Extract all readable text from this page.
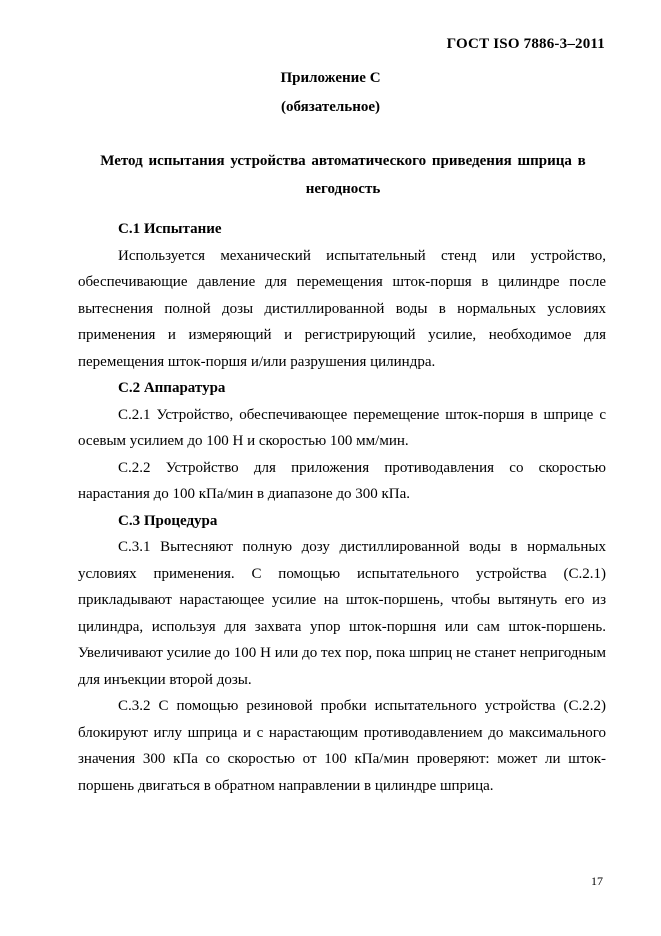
ГОСТ ISO 7886-3–2011
Приложение С
(обязательное)
Метод испытания устройства автоматического приведения шприца в негодность

С.1 Испытание

Используется механический испытательный стенд или устройство, обеспечивающие давление для перемещения шток-поршя в цилиндре после вытеснения полной дозы дистиллированной воды в нормальных условиях применения и измеряющий и регистрирующий усилие, необходимое для перемещения шток-поршя и/или разрушения цилиндра.

С.2 Аппаратура

С.2.1 Устройство, обеспечивающее перемещение шток-поршя в шприце с осевым усилием до 100 Н и скоростью 100 мм/мин.

С.2.2 Устройство для приложения противодавления со скоростью нарастания до 100 кПа/мин в диапазоне до 300 кПа.

С.3 Процедура

С.3.1 Вытесняют полную дозу дистиллированной воды в нормальных условиях применения. С помощью испытательного устройства (С.2.1) прикладывают нарастающее усилие на шток-поршень, чтобы вытянуть его из цилиндра, используя для захвата упор шток-поршня или сам шток-поршень. Увеличивают усилие до 100 Н или до тех пор, пока шприц не станет непригодным для инъекции второй дозы.

С.3.2 С помощью резиновой пробки испытательного устройства (С.2.2) блокируют иглу шприца и с нарастающим противодавлением до максимального значения 300 кПа со скоростью от 100 кПа/мин проверяют: может ли шток-поршень двигаться в обратном направлении в цилиндре шприца.

17
